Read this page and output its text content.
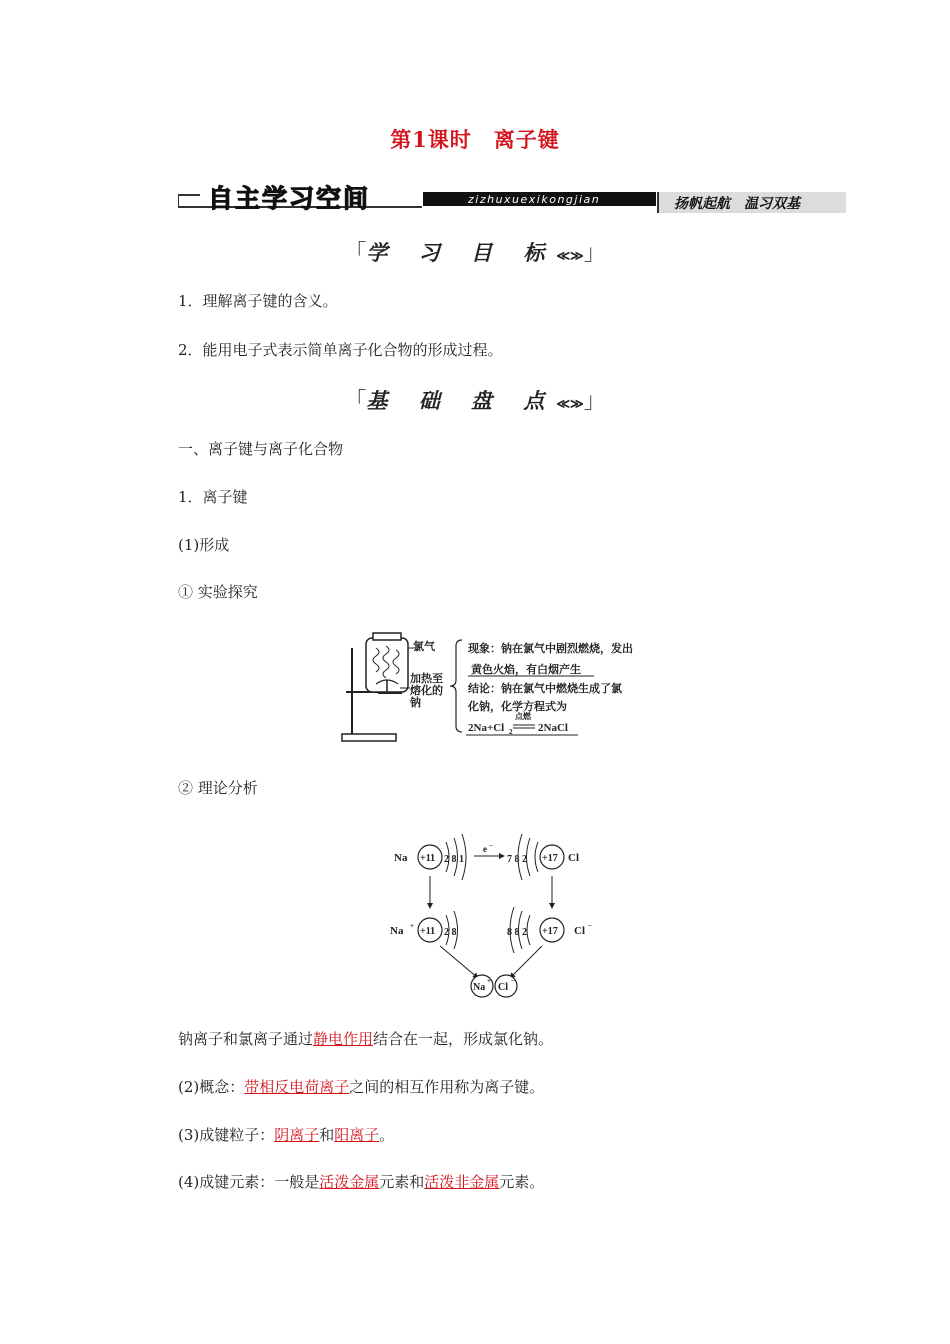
第1课时　离子键
自主学习空间	zizhuxuexikongjian	扬帆起航　温习双基
「学 习 目 标≪≫」
1．理解离子键的含义。
2．能用电子式表示简单离子化合物的形成过程。
「基 础 盘 点≪≫」
一、离子键与离子化合物
1．离子键
(1)形成
① 实验探究
氯气
加热至
熔化的
钠
现象：钠在氯气中剧烈燃烧，发出
黄色火焰，有白烟产生
结论：钠在氯气中燃烧生成了氯
化钠，化学方程式为
2Na+Cl 2
点燃
2NaCl
② 理论分析
Na +11 2 8 1
e −
7 8 2 +17 Cl
Na + +11 2 8	8 8 2 +17 Cl −
Na
+
Cl
−
钠离子和氯离子通过静电作用结合在一起，形成氯化钠。
(2)概念：带相反电荷离子之间的相互作用称为离子键。
(3)成键粒子：阴离子和阳离子。
(4)成键元素：一般是活泼金属元素和活泼非金属元素。
